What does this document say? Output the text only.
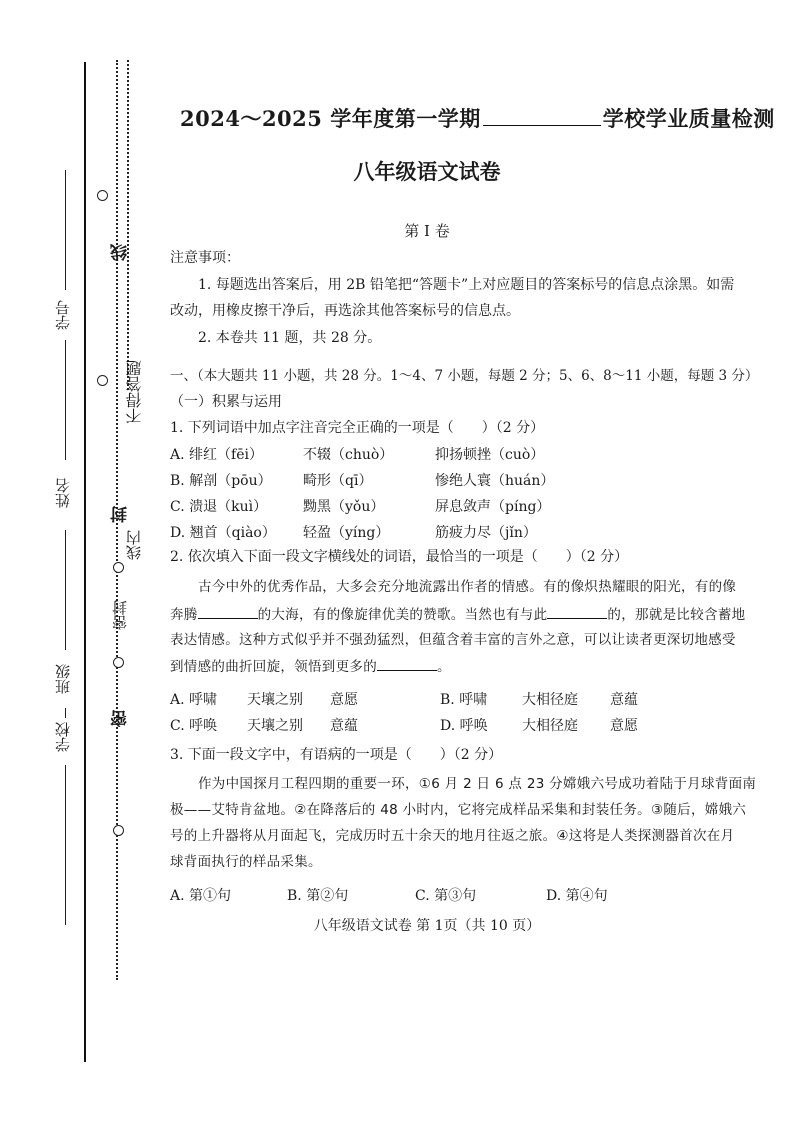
学号
姓名
班级
学校
线
不得答题
封
线内
密封
密
2024～2025 学年度第一学期	学校学业质量检测
八年级语文试卷
第 I 卷
注意事项：
1. 每题选出答案后，用 2B 铅笔把“答题卡”上对应题目的答案标号的信息点涂黑。如需
改动，用橡皮擦干净后，再选涂其他答案标号的信息点。
2. 本卷共 11 题，共 28 分。
一、（本大题共 11 小题，共 28 分。1～4、7 小题，每题 2 分；5、6、8～11 小题，每题 3 分）
（一）积累与运用
1. 下列词语中加点字注音完全正确的一项是（　　）（2 分）
A. 绯红（fēi）	不辍（chuò）	抑扬顿挫（cuò）
B. 解剖（pōu） 畸形（qī）	惨绝人寰（huán）
C. 溃退（kuì）	黝黑（yǒu）	屏息敛声（píng）
D. 翘首（qiào） 轻盈（yíng）	筋疲力尽（jǐn）
2. 依次填入下面一段文字横线处的词语，最恰当的一项是（　　）（2 分）
古今中外的优秀作品，大多会充分地流露出作者的情感。有的像炽热耀眼的阳光，有的像
奔腾	的大海，有的像旋律优美的赞歌。当然也有与此	的，那就是比较含蓄地
表达情感。这种方式似乎并不强劲猛烈，但蕴含着丰富的言外之意，可以让读者更深切地感受
到情感的曲折回旋，领悟到更多的	。
A. 呼啸 天壤之别 意愿	B. 呼啸 大相径庭 意蕴
C. 呼唤 天壤之别 意蕴	D. 呼唤 大相径庭 意愿
3. 下面一段文字中，有语病的一项是（　　）（2 分）
作为中国探月工程四期的重要一环，①6 月 2 日 6 点 23 分嫦娥六号成功着陆于月球背面南
极——艾特肯盆地。②在降落后的 48 小时内，它将完成样品采集和封装任务。③随后，嫦娥六
号的上升器将从月面起飞，完成历时五十余天的地月往返之旅。④这将是人类探测器首次在月
球背面执行的样品采集。
A. 第①句	B. 第②句	C. 第③句	D. 第④句
八年级语文试卷 第 1页（共 10 页）
